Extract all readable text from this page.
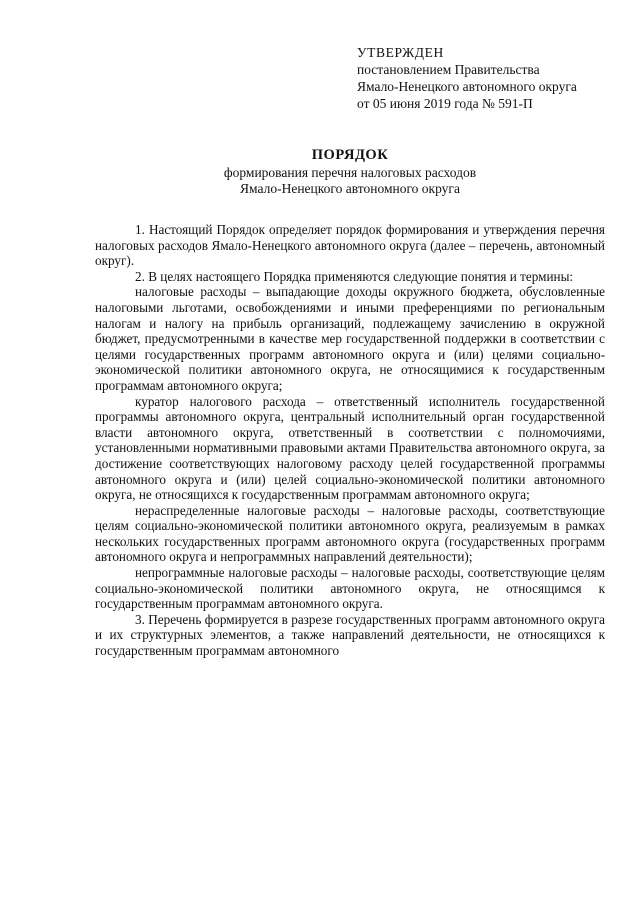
УТВЕРЖДЕН

постановлением Правительства

Ямало-Ненецкого автономного округа

от 05 июня 2019 года № 591-П

ПОРЯДОК
формирования перечня налоговых расходов
Ямало-Ненецкого автономного округа

1. Настоящий Порядок определяет порядок формирования и утверждения перечня налоговых расходов Ямало-Ненецкого автономного округа (далее – перечень, автономный округ).

2. В целях настоящего Порядка применяются следующие понятия и термины:

налоговые расходы – выпадающие доходы окружного бюджета, обусловленные налоговыми льготами, освобождениями и иными преференциями по региональным налогам и налогу на прибыль организаций, подлежащему зачислению в окружной бюджет, предусмотренными в качестве мер государственной поддержки в соответствии с целями государственных программ автономного округа и (или) целями социально-экономической политики автономного округа, не относящимися к государственным программам автономного округа;

куратор налогового расхода – ответственный исполнитель государственной программы автономного округа, центральный исполнительный орган государственной власти автономного округа, ответственный в соответствии с полномочиями, установленными нормативными правовыми актами Правительства автономного округа, за достижение соответствующих налоговому расходу целей государственной программы автономного округа и (или) целей социально-экономической политики автономного округа, не относящихся к государственным программам автономного округа;

нераспределенные налоговые расходы – налоговые расходы, соответствующие целям социально-экономической политики автономного округа, реализуемым в рамках нескольких государственных программ автономного округа (государственных программ автономного округа и непрограммных направлений деятельности);

непрограммные налоговые расходы – налоговые расходы, соответствующие целям социально-экономической политики автономного округа, не относящимся к государственным программам автономного округа.

3. Перечень формируется в разрезе государственных программ автономного округа и их структурных элементов, а также направлений деятельности, не относящихся к государственным программам автономного
